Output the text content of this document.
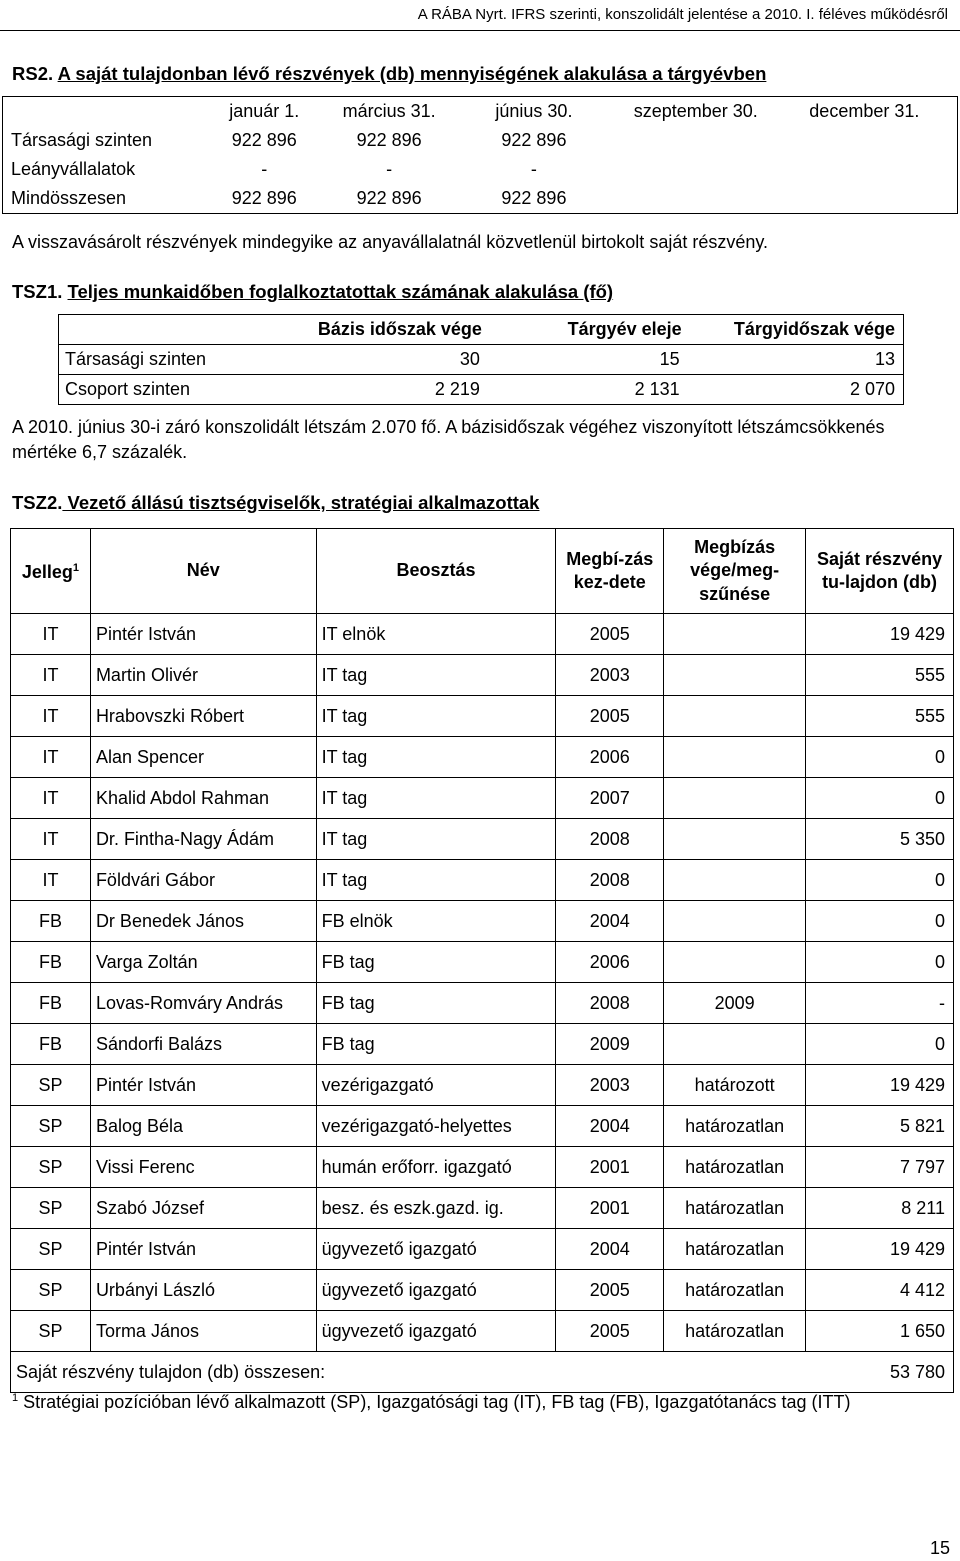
A RÁBA Nyrt. IFRS szerinti, konszolidált jelentése a 2010. I. féléves működésről
RS2. A saját tulajdonban lévő részvények (db) mennyiségének alakulása a tárgyévben
	január 1.	március 31.	június 30.	szeptember 30.	december 31.
Társasági szinten	922 896	922 896	922 896		
Leányvállalatok	-	-	-		
Mindösszesen	922 896	922 896	922 896		
A visszavásárolt részvények mindegyike az anyavállalatnál közvetlenül birtokolt saját részvény.
TSZ1. Teljes munkaidőben foglalkoztatottak számának alakulása (fő)
	Bázis időszak vége	Tárgyév eleje	Tárgyidőszak vége
Társasági szinten	30	15	13
Csoport szinten	2 219	2 131	2 070
A 2010. június 30-i záró konszolidált létszám 2.070 fő. A bázisidőszak végéhez viszonyított létszámcsökkenés mértéke 6,7 százalék.
TSZ2. Vezető állású tisztségviselők, stratégiai alkalmazottak
Jelleg$^1$	Név	Beosztás	Megbí-zás kez-dete	Megbízás vége/meg-szűnése	Saját részvény tu-lajdon (db)
IT	Pintér István	IT elnök	2005		19 429
IT	Martin Olivér	IT tag	2003		555
IT	Hrabovszki Róbert	IT tag	2005		555
IT	Alan Spencer	IT tag	2006		0
IT	Khalid Abdol Rahman	IT tag	2007		0
IT	Dr. Fintha-Nagy Ádám	IT tag	2008		5 350
IT	Földvári Gábor	IT tag	2008		0
FB	Dr Benedek János	FB elnök	2004		0
FB	Varga Zoltán	FB tag	2006		0
FB	Lovas-Romváry András	FB tag	2008	2009	-
FB	Sándorfi Balázs	FB tag	2009		0
SP	Pintér István	vezérigazgató	2003	határozott	19 429
SP	Balog Béla	vezérigazgató-helyettes	2004	határozatlan	5 821
SP	Vissi Ferenc	humán erőforr. igazgató	2001	határozatlan	7 797
SP	Szabó József	besz. és eszk.gazd. ig.	2001	határozatlan	8 211
SP	Pintér István	ügyvezető igazgató	2004	határozatlan	19 429
SP	Urbányi László	ügyvezető igazgató	2005	határozatlan	4 412
SP	Torma János	ügyvezető igazgató	2005	határozatlan	1 650
Saját részvény tulajdon (db) összesen:					53 780
$^1$ Stratégiai pozícióban lévő alkalmazott (SP), Igazgatósági tag (IT), FB tag (FB), Igazgatótanács tag (ITT)
15
